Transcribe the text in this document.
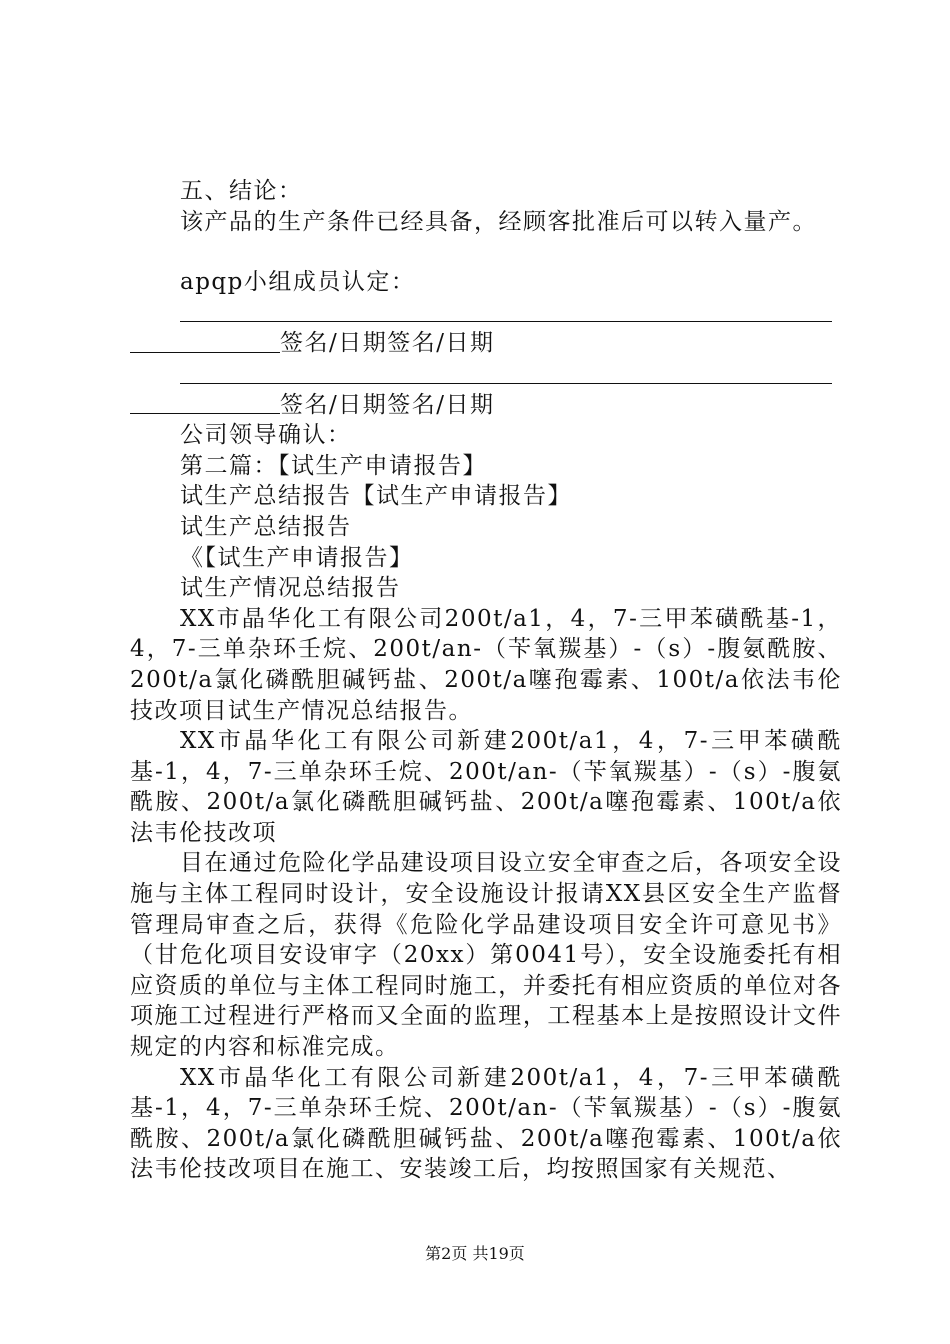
五、结论：

该产品的生产条件已经具备，经顾客批准后可以转入量产。

apqp小组成员认定：

签名/日期签名/日期
签名/日期签名/日期

公司领导确认：

第二篇：【试生产申请报告】

试生产总结报告【试生产申请报告】

试生产总结报告

《【试生产申请报告】

试生产情况总结报告

XX市晶华化工有限公司200t/a1，4，7-三甲苯磺酰基-1，4，7-三单杂环壬烷、200t/an-（苄氧羰基）-（s）-腹氨酰胺、200t/a氯化磷酰胆碱钙盐、200t/a噻孢霉素、100t/a依法韦伦技改项目试生产情况总结报告。

XX市晶华化工有限公司新建200t/a1，4，7-三甲苯磺酰基-1，4，7-三单杂环壬烷、200t/an-（苄氧羰基）-（s）-腹氨酰胺、200t/a氯化磷酰胆碱钙盐、200t/a噻孢霉素、100t/a依法韦伦技改项

目在通过危险化学品建设项目设立安全审查之后，各项安全设施与主体工程同时设计，安全设施设计报请XX县区安全生产监督管理局审查之后，获得《危险化学品建设项目安全许可意见书》（甘危化项目安设审字（20xx）第0041号），安全设施委托有相应资质的单位与主体工程同时施工，并委托有相应资质的单位对各项施工过程进行严格而又全面的监理，工程基本上是按照设计文件规定的内容和标准完成。

XX市晶华化工有限公司新建200t/a1，4，7-三甲苯磺酰基-1，4，7-三单杂环壬烷、200t/an-（苄氧羰基）-（s）-腹氨酰胺、200t/a氯化磷酰胆碱钙盐、200t/a噻孢霉素、100t/a依法韦伦技改项目在施工、安装竣工后，均按照国家有关规范、

第2页 共19页
